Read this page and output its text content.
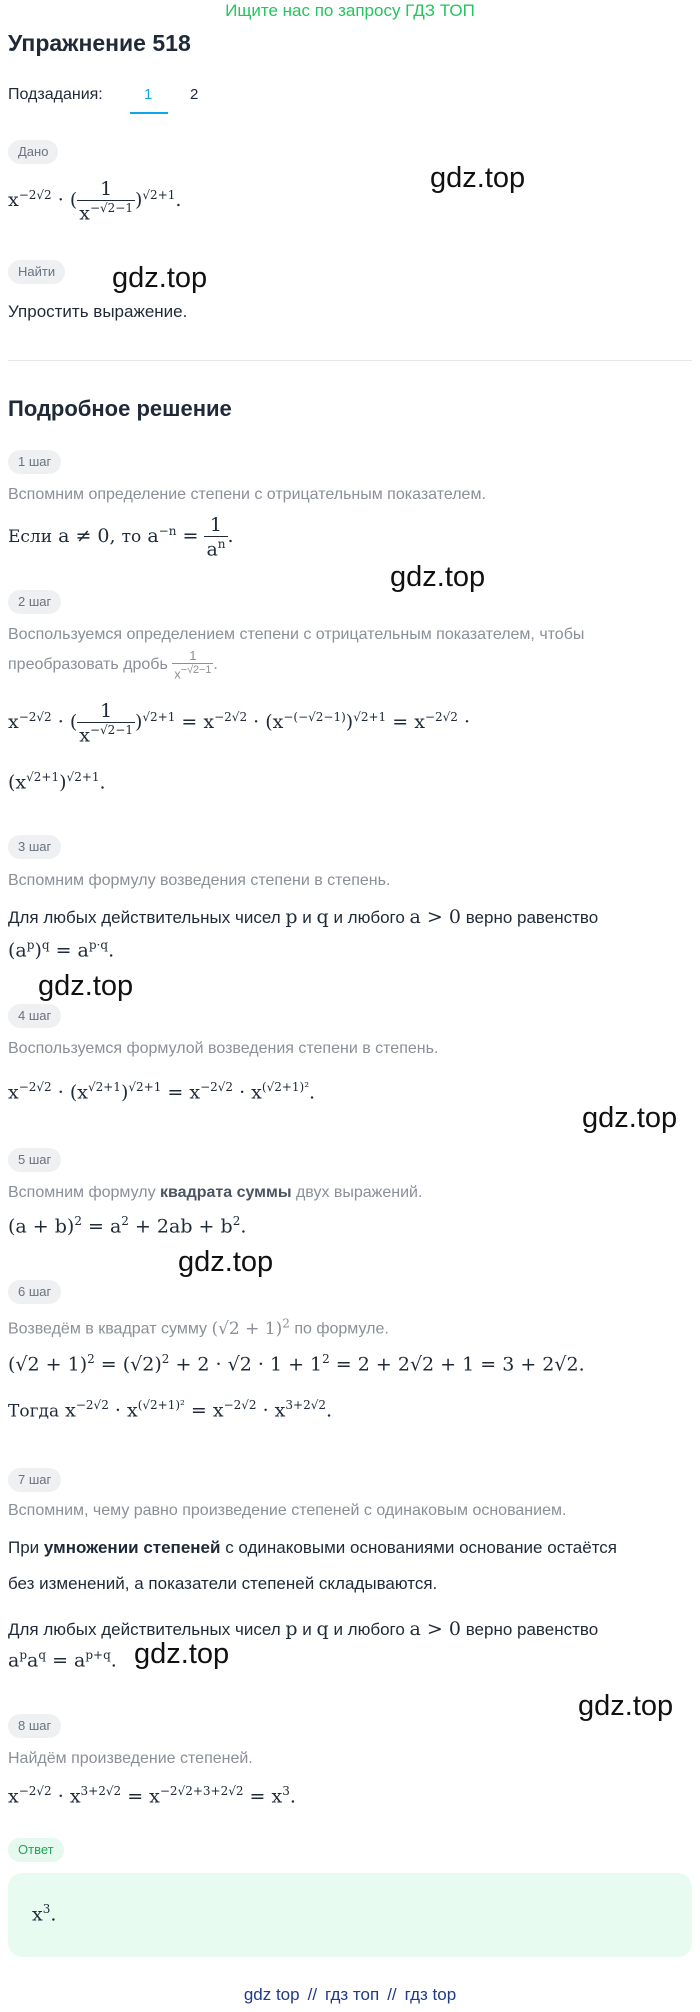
Ищите нас по запросу ГДЗ ТОП
Упражнение 518
Подзадания:	1	2
Дано
$x^{-2√2}$ · ( $\frac{1}{x^{-√2-1}} )^{√2+1}$.
gdz.top
Найти	gdz.top
Упростить выражение.
Подробное решение
1 шаг
Вспомним определение степени с отрицательным показателем.
Если a ≠ 0, то $a^{-n} = \frac{1}{a^n}$ .
gdz.top
2 шаг
Воспользуемся определением степени с отрицательным показателем, чтобы
преобразовать дробь $\frac{1}{x^{-√2-1}}$ .
$x^{-2√2}$ · ( $\frac{1}{x^{-√2-1}} )^{√2+1} = x^{-2√2} \cdot (x^{-(-√2-1)})^{√2+1} = x^{-2√2}$ ·
$(x^{√2+1})^{√2+1}$.
3 шаг
Вспомним формулу возведения степени в степень.
Для любых действительных чисел p и q и любого a > 0 верно равенство
$(a^p)^q = a^{p\cdot q}$.
gdz.top
4 шаг
Воспользуемся формулой возведения степени в степень.
$x^{-2√2} \cdot (x^{√2+1})^{√2+1} = x^{-2√2} \cdot x^{(√2+1)^2}$.
gdz.top
5 шаг
Вспомним формулу квадрата суммы двух выражений.
$(a + b)^2 = a^2 + 2ab + b^2$.
gdz.top
6 шаг
Возведём в квадрат сумму $(√2 + 1)^2$ по формуле.
$(√2 + 1)^2 = (√2)^2 + 2 \cdot √2 \cdot 1 + 1^2 = 2 + 2√2 + 1 = 3 + 2√2$.
Тогда $x^{-2√2} \cdot x^{(√2+1)^2} = x^{-2√2} \cdot x^{3+2√2}$.
7 шаг
Вспомним, чему равно произведение степеней с одинаковым основанием.
При умножении степеней с одинаковыми основаниями основание остаётся
без изменений, а показатели степеней складываются.
Для любых действительных чисел p и q и любого a > 0 верно равенство
$a^pa^q = a^{p+q}$. gdz.top
gdz.top
8 шаг
Найдём произведение степеней.
$x^{-2√2} \cdot x^{3+2√2} = x^{-2√2+3+2√2} = x^3$.
Ответ
$x^3$.
gdz top // гдз топ // гдз top
